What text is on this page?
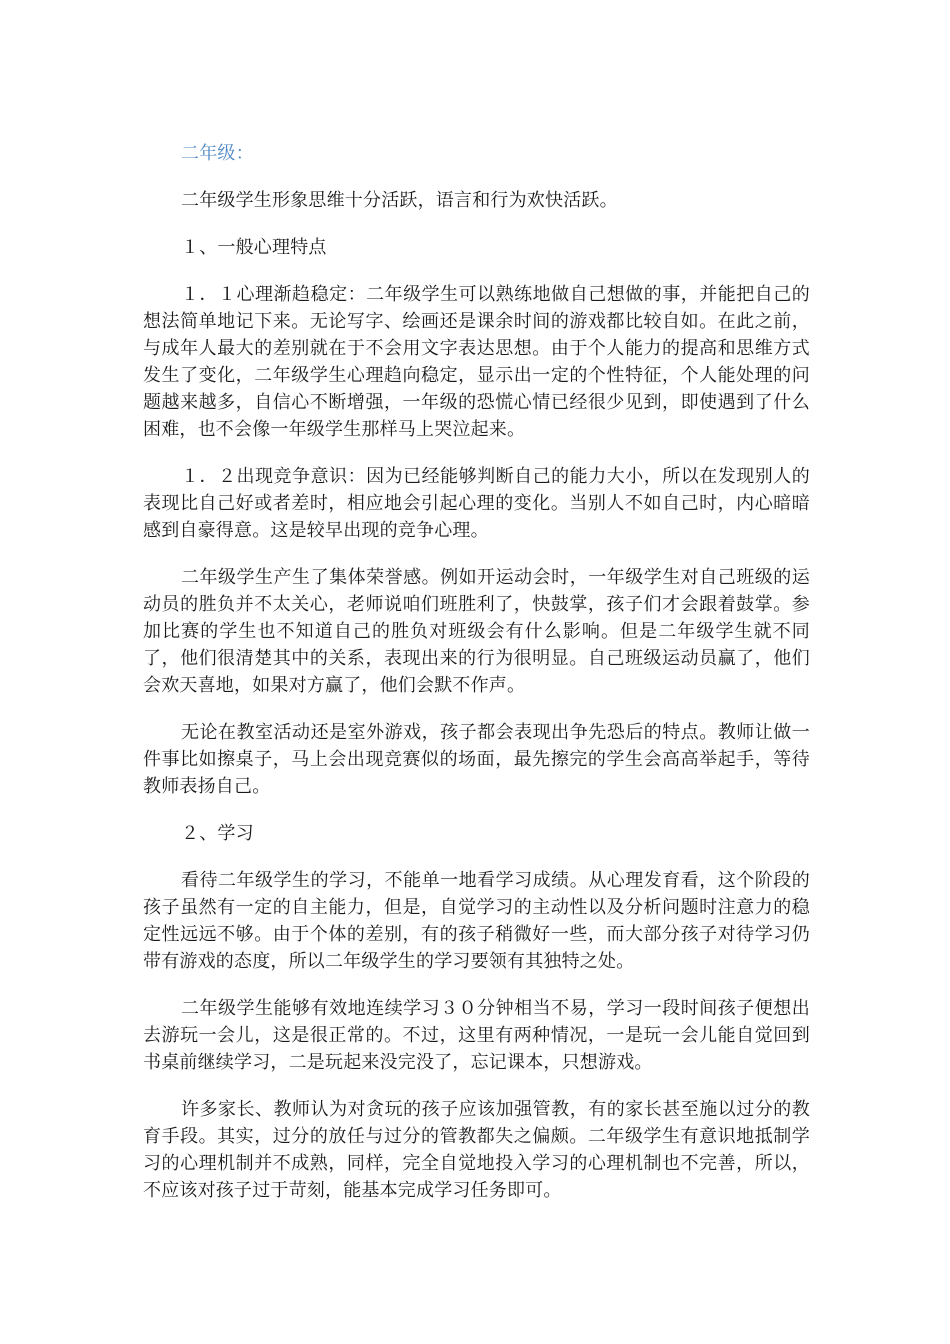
二年级：

二年级学生形象思维十分活跃，语言和行为欢快活跃。

１、一般心理特点

１．１心理渐趋稳定：二年级学生可以熟练地做自己想做的事，并能把自己的想法简单地记下来。无论写字、绘画还是课余时间的游戏都比较自如。在此之前，与成年人最大的差别就在于不会用文字表达思想。由于个人能力的提高和思维方式发生了变化，二年级学生心理趋向稳定，显示出一定的个性特征，个人能处理的问题越来越多，自信心不断增强，一年级的恐慌心情已经很少见到，即使遇到了什么困难，也不会像一年级学生那样马上哭泣起来。

１．２出现竞争意识：因为已经能够判断自己的能力大小，所以在发现别人的表现比自己好或者差时，相应地会引起心理的变化。当别人不如自己时，内心暗暗感到自豪得意。这是较早出现的竞争心理。

二年级学生产生了集体荣誉感。例如开运动会时，一年级学生对自己班级的运动员的胜负并不太关心，老师说咱们班胜利了，快鼓掌，孩子们才会跟着鼓掌。参加比赛的学生也不知道自己的胜负对班级会有什么影响。但是二年级学生就不同了，他们很清楚其中的关系，表现出来的行为很明显。自己班级运动员赢了，他们会欢天喜地，如果对方赢了，他们会默不作声。

无论在教室活动还是室外游戏，孩子都会表现出争先恐后的特点。教师让做一件事比如擦桌子，马上会出现竞赛似的场面，最先擦完的学生会高高举起手，等待教师表扬自己。

２、学习

看待二年级学生的学习，不能单一地看学习成绩。从心理发育看，这个阶段的孩子虽然有一定的自主能力，但是，自觉学习的主动性以及分析问题时注意力的稳定性远远不够。由于个体的差别，有的孩子稍微好一些，而大部分孩子对待学习仍带有游戏的态度，所以二年级学生的学习要领有其独特之处。

二年级学生能够有效地连续学习３０分钟相当不易，学习一段时间孩子便想出去游玩一会儿，这是很正常的。不过，这里有两种情况，一是玩一会儿能自觉回到书桌前继续学习，二是玩起来没完没了，忘记课本，只想游戏。

许多家长、教师认为对贪玩的孩子应该加强管教，有的家长甚至施以过分的教育手段。其实，过分的放任与过分的管教都失之偏颇。二年级学生有意识地抵制学习的心理机制并不成熟，同样，完全自觉地投入学习的心理机制也不完善，所以，不应该对孩子过于苛刻，能基本完成学习任务即可。
